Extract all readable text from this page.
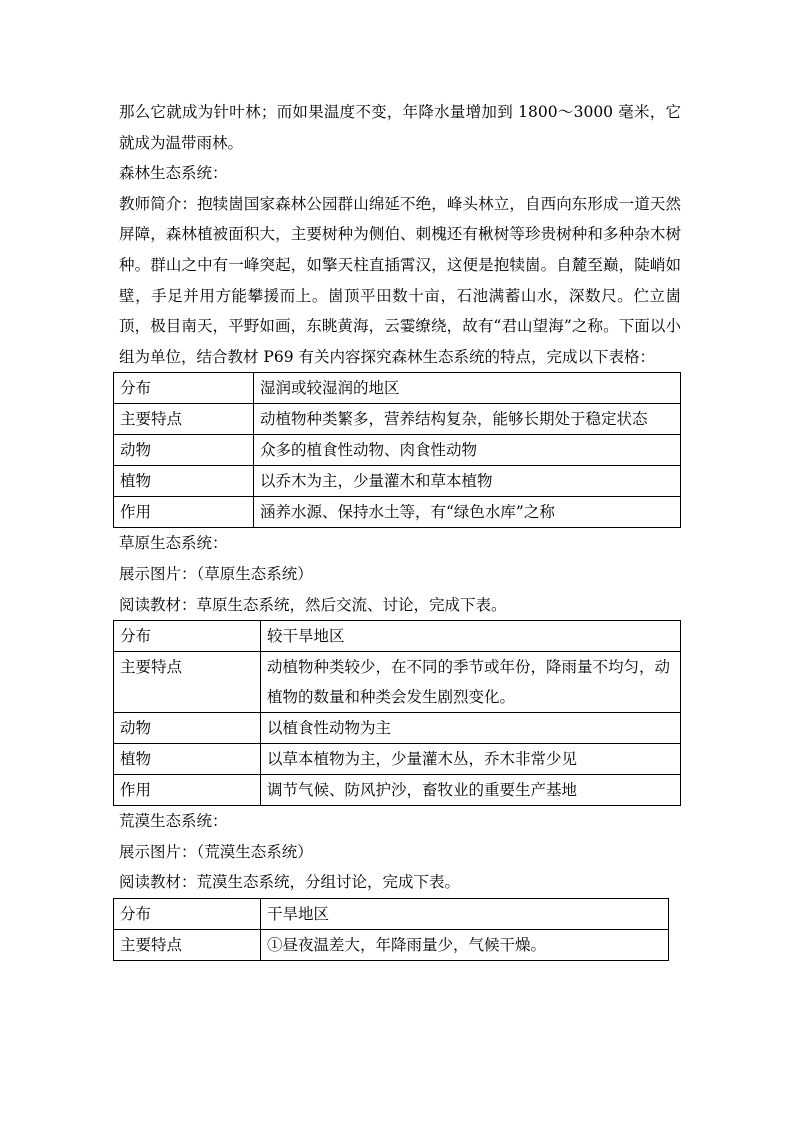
那么它就成为针叶林；而如果温度不变，年降水量增加到 1800～3000 毫米，它就成为温带雨林。

森林生态系统：

教师简介：抱犊崮国家森林公园群山绵延不绝，峰头林立，自西向东形成一道天然屏障，森林植被面积大，主要树种为侧伯、刺槐还有楸树等珍贵树种和多种杂木树种。群山之中有一峰突起，如擎天柱直插霄汉，这便是抱犊崮。自麓至巅，陡峭如壁，手足并用方能攀援而上。崮顶平田数十亩，石池满蓄山水，深数尺。伫立崮顶，极目南天，平野如画，东眺黄海，云霎缭绕，故有“君山望海”之称。下面以小组为单位，结合教材 P69 有关内容探究森林生态系统的特点，完成以下表格：

分布	湿润或较湿润的地区
主要特点	动植物种类繁多，营养结构复杂，能够长期处于稳定状态
动物	众多的植食性动物、肉食性动物
植物	以乔木为主，少量灌木和草本植物
作用	涵养水源、保持水土等，有“绿色水库”之称

草原生态系统：

展示图片：（草原生态系统）

阅读教材：草原生态系统，然后交流、讨论，完成下表。

分布	较干旱地区
主要特点	动植物种类较少，在不同的季节或年份，降雨量不均匀，动植物的数量和种类会发生剧烈变化。
动物	以植食性动物为主
植物	以草本植物为主，少量灌木丛，乔木非常少见
作用	调节气候、防风护沙，畜牧业的重要生产基地

荒漠生态系统：

展示图片：（荒漠生态系统）

阅读教材：荒漠生态系统，分组讨论，完成下表。

分布	干旱地区
主要特点	①昼夜温差大，年降雨量少，气候干燥。
